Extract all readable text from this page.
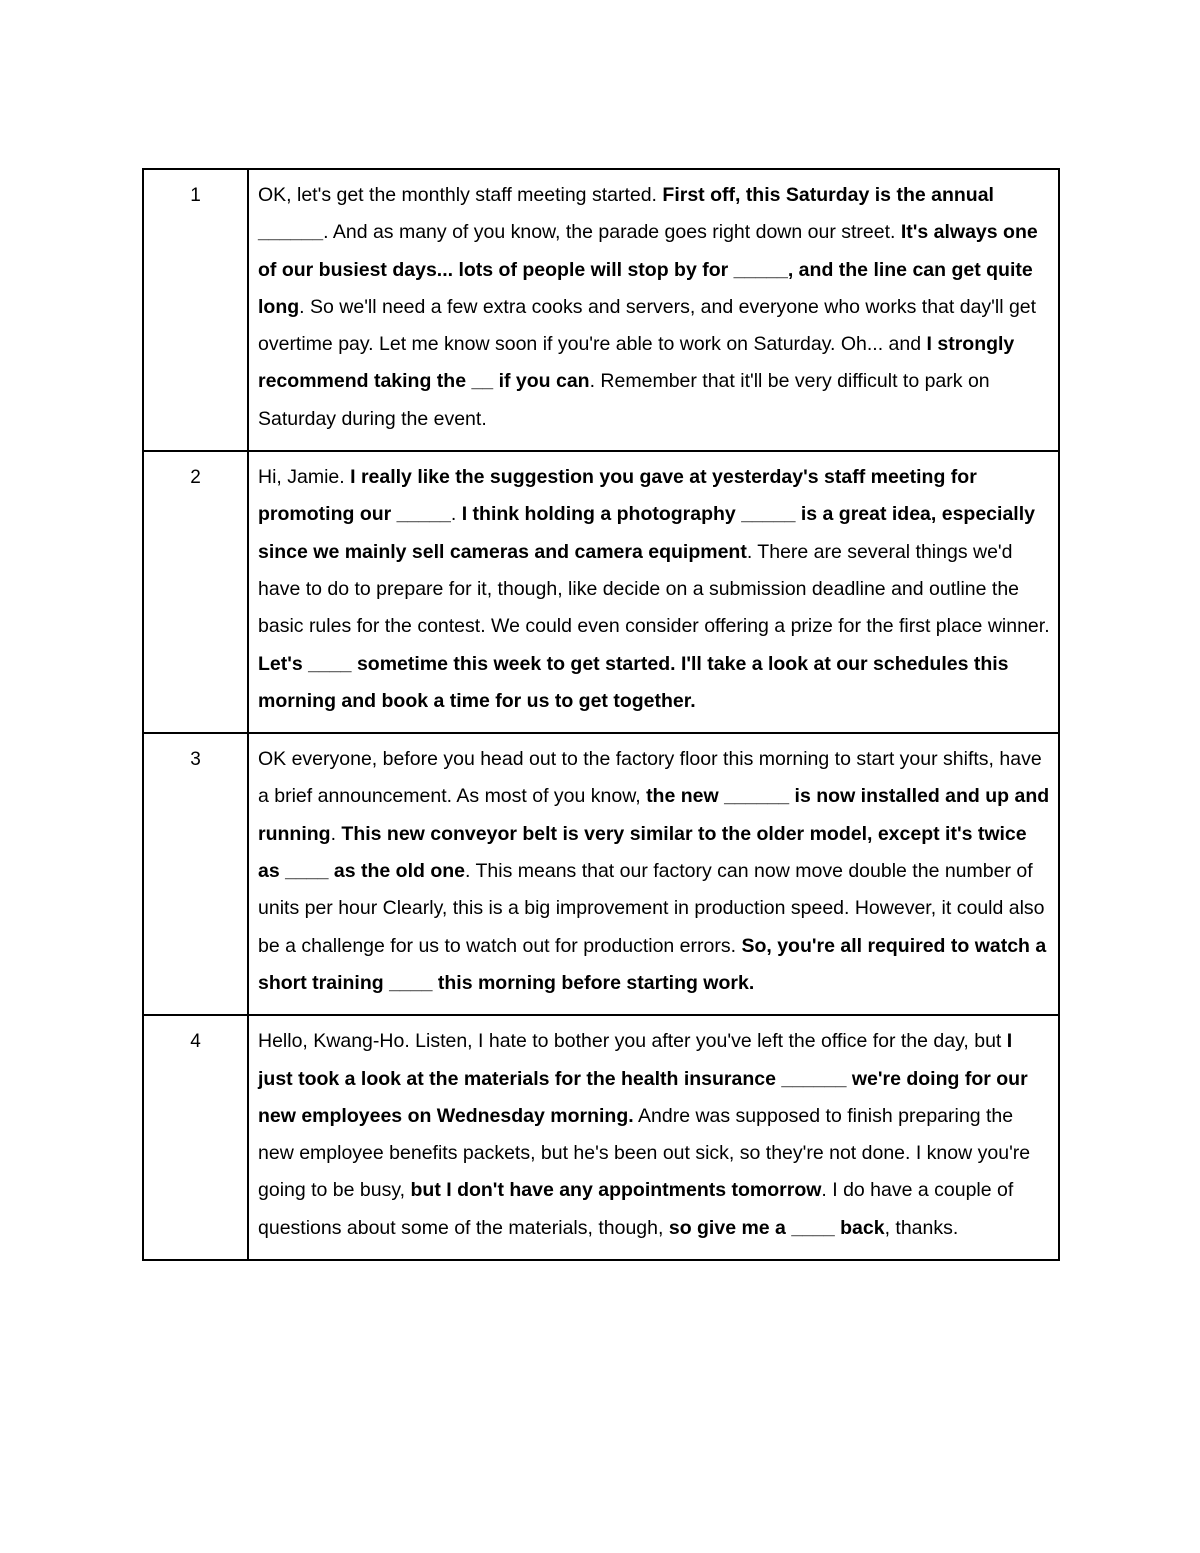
1	OK, let's get the monthly staff meeting started. First off, this Saturday is the annual ______. And as many of you know, the parade goes right down our street. It's always one of our busiest days... lots of people will stop by for _____, and the line can get quite long. So we'll need a few extra cooks and servers, and everyone who works that day'll get overtime pay. Let me know soon if you're able to work on Saturday. Oh... and I strongly recommend taking the __ if you can. Remember that it'll be very difficult to park on Saturday during the event.
2	Hi, Jamie. I really like the suggestion you gave at yesterday's staff meeting for promoting our _____. I think holding a photography _____ is a great idea, especially since we mainly sell cameras and camera equipment. There are several things we'd have to do to prepare for it, though, like decide on a submission deadline and outline the basic rules for the contest. We could even consider offering a prize for the first place winner. Let's ____ sometime this week to get started. I'll take a look at our schedules this morning and book a time for us to get together.
3	OK everyone, before you head out to the factory floor this morning to start your shifts, have a brief announcement. As most of you know, the new ______ is now installed and up and running. This new conveyor belt is very similar to the older model, except it's twice as ____ as the old one. This means that our factory can now move double the number of units per hour Clearly, this is a big improvement in production speed. However, it could also be a challenge for us to watch out for production errors. So, you're all required to watch a short training ____ this morning before starting work.
4	Hello, Kwang-Ho. Listen, I hate to bother you after you've left the office for the day, but I just took a look at the materials for the health insurance ______ we're doing for our new employees on Wednesday morning. Andre was supposed to finish preparing the new employee benefits packets, but he's been out sick, so they're not done. I know you're going to be busy, but I don't have any appointments tomorrow. I do have a couple of questions about some of the materials, though, so give me a ____ back, thanks.
